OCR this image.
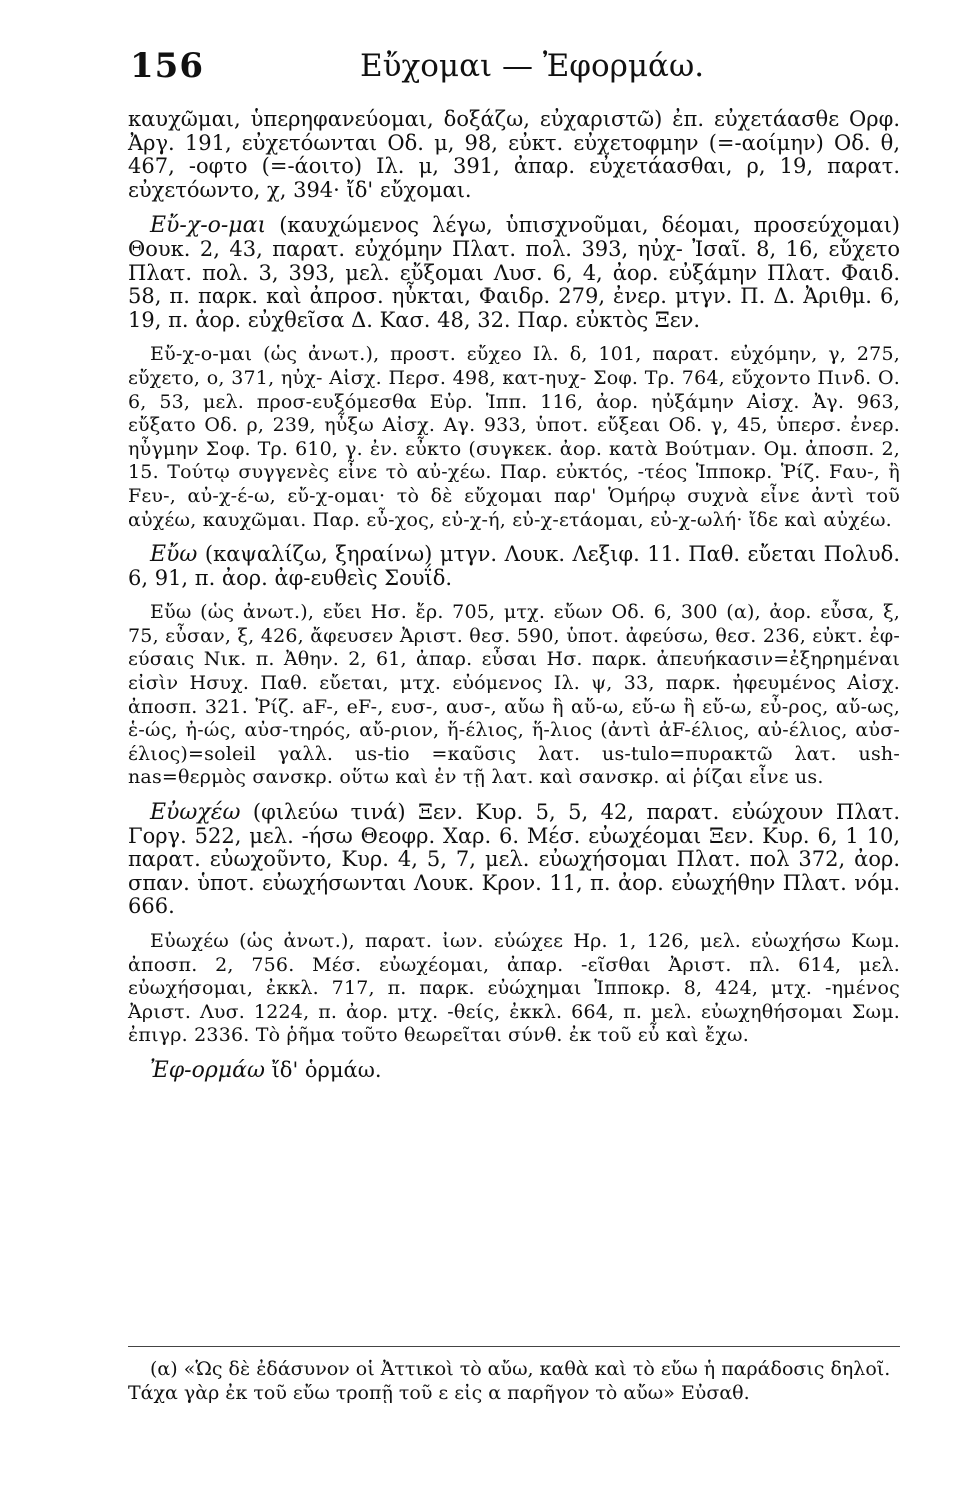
156	Εὔχομαι — Ἐφορμάω.

καυχῶμαι, ὑπερηφανεύομαι, δοξάζω, εὐχαριστῶ) ἐπ. εὐχετάασθε Ορφ. Ἀργ. 191, εὐχετόωνται Οδ. μ, 98, εὐκτ. εὐχετοφμην (=-αοίμην) Οδ. θ, 467, -οφτο (=-άοιτο) Ιλ. μ, 391, ἀπαρ. εὐχετάασθαι, ρ, 19, παρατ. εὐχετόωντο, χ, 394· ἴδ' εὔχομαι.

Εὔ-χ-ο-μαι (καυχώμενος λέγω, ὑπισχνοῦμαι, δέομαι, προσεύχομαι) Θουκ. 2, 43, παρατ. εὐχόμην Πλατ. πολ. 393, ηὐχ- Ἰσαῖ. 8, 16, εὔχετο Πλατ. πολ. 3, 393, μελ. εὔξομαι Λυσ. 6, 4, ἀορ. εὐξάμην Πλατ. Φαιδ. 58, π. παρκ. καὶ ἀπροσ. ηὖκται, Φαιδρ. 279, ἐνερ. μτγν. Π. Δ. Ἀριθμ. 6, 19, π. ἀορ. εὐχθεῖσα Δ. Κασ. 48, 32. Παρ. εὐκτὸς Ξεν.

Εὔ-χ-ο-μαι (ὡς ἀνωτ.), προστ. εὔχεο Ιλ. δ, 101, παρατ. εὐχόμην, γ, 275, εὔχετο, ο, 371, ηὐχ- Αἰσχ. Περσ. 498, κατ-ηυχ- Σοφ. Τρ. 764, εὔχοντο Πινδ. Ο. 6, 53, μελ. προσ-ευξόμεσθα Εὐρ. Ἱππ. 116, ἀορ. ηὐξάμην Αἰσχ. Ἀγ. 963, εὔξατο Οδ. ρ, 239, ηὖξω Αἰσχ. Αγ. 933, ὑποτ. εὔξεαι Οδ. γ, 45, ὑπερσ. ἐνερ. ηὖγμην Σοφ. Τρ. 610, γ. ἐν. εὖκτο (συγκεκ. ἀορ. κατὰ Βούτμαν. Ομ. ἀποσπ. 2, 15. Τούτῳ συγγενὲς εἶνε τὸ αὐ-χέω. Παρ. εὐκτός, -τέος Ἱπποκρ. Ῥίζ. Fαυ-, ἢ Fευ-, αὐ-χ-έ-ω, εὔ-χ-ομαι· τὸ δὲ εὔχομαι παρ' Ὁμήρῳ συχνὰ εἶνε ἀντὶ τοῦ αὐχέω, καυχῶμαι. Παρ. εὖ-χος, εὐ-χ-ή, εὐ-χ-ετάομαι, εὐ-χ-ωλή· ἴδε καὶ αὐχέω.

Εὔω (καψαλίζω, ξηραίνω) μτγν. Λουκ. Λεξιφ. 11. Παθ. εὔεται Πολυδ. 6, 91, π. ἀορ. ἀφ-ευθεὶς Σουΐδ.

Εὔω (ὡς ἀνωτ.), εὔει Ησ. ἔρ. 705, μτχ. εὔων Οδ. 6, 300 (α), ἀορ. εὖσα, ξ, 75, εὖσαν, ξ, 426, ἄφευσεν Ἀριστ. θεσ. 590, ὑποτ. ἀφεύσω, θεσ. 236, εὐκτ. ἐφ-εύσαις Νικ. π. Ἀθην. 2, 61, ἀπαρ. εὖσαι Ησ. παρκ. ἀπευήκασιν=ἐξηρημέναι εἰσὶν Ησυχ. Παθ. εὔεται, μτχ. εὐόμενος Ιλ. ψ, 33, παρκ. ἠφευμένος Αἰσχ. ἀποσπ. 321. Ῥίζ. aF-, eF-, ευσ-, αυσ-, αὔω ἢ αὔ-ω, εὔ-ω ἢ εὔ-ω, εὖ-ρος, αὔ-ως, ἑ-ώς, ἠ-ώς, αὐσ-τηρός, αὔ-ριον, ἥ-έλιος, ἥ-λιος (ἀντὶ ἀF-έλιος, αὐ-έλιος, αὐσ-έλιος)=soleil γαλλ. us-tio =καῦσις λατ. us-tulo=πυρακτῶ λατ. ush-nas=θερμὸς σανσκρ. οὕτω καὶ ἐν τῇ λατ. καὶ σανσκρ. αἱ ῥίζαι εἶνε us.

Εὐωχέω (φιλεύω τινά) Ξεν. Κυρ. 5, 5, 42, παρατ. εὐώχουν Πλατ. Γοργ. 522, μελ. -ήσω Θεοφρ. Χαρ. 6. Μέσ. εὐωχέομαι Ξεν. Κυρ. 6, 1 10, παρατ. εὐωχοῦντο, Κυρ. 4, 5, 7, μελ. εὐωχήσομαι Πλατ. πολ 372, ἀορ. σπαν. ὑποτ. εὐωχήσωνται Λουκ. Κρον. 11, π. ἀορ. εὐωχήθην Πλατ. νόμ. 666.

Εὐωχέω (ὡς ἀνωτ.), παρατ. ἰων. εὐώχεε Ηρ. 1, 126, μελ. εὐωχήσω Κωμ. ἀποσπ. 2, 756. Μέσ. εὐωχέομαι, ἀπαρ. -εῖσθαι Ἀριστ. πλ. 614, μελ. εὐωχήσομαι, ἐκκλ. 717, π. παρκ. εὐώχημαι Ἱπποκρ. 8, 424, μτχ. -ημένος Ἀριστ. Λυσ. 1224, π. ἀορ. μτχ. -θείς, ἐκκλ. 664, π. μελ. εὐωχηθήσομαι Σωμ. ἐπιγρ. 2336. Τὸ ῥῆμα τοῦτο θεωρεῖται σύνθ. ἐκ τοῦ εὖ καὶ ἔχω.

Ἐφ-ορμάω ἴδ' ὁρμάω.

(α) «Ὡς δὲ ἐδάσυνον οἱ Ἀττικοὶ τὸ αὔω, καθὰ καὶ τὸ εὔω ἡ παράδοσις δηλοῖ. Τάχα γὰρ ἐκ τοῦ εὔω τροπῇ τοῦ ε εἰς α παρῆγον τὸ αὔω» Εὐσαθ.
